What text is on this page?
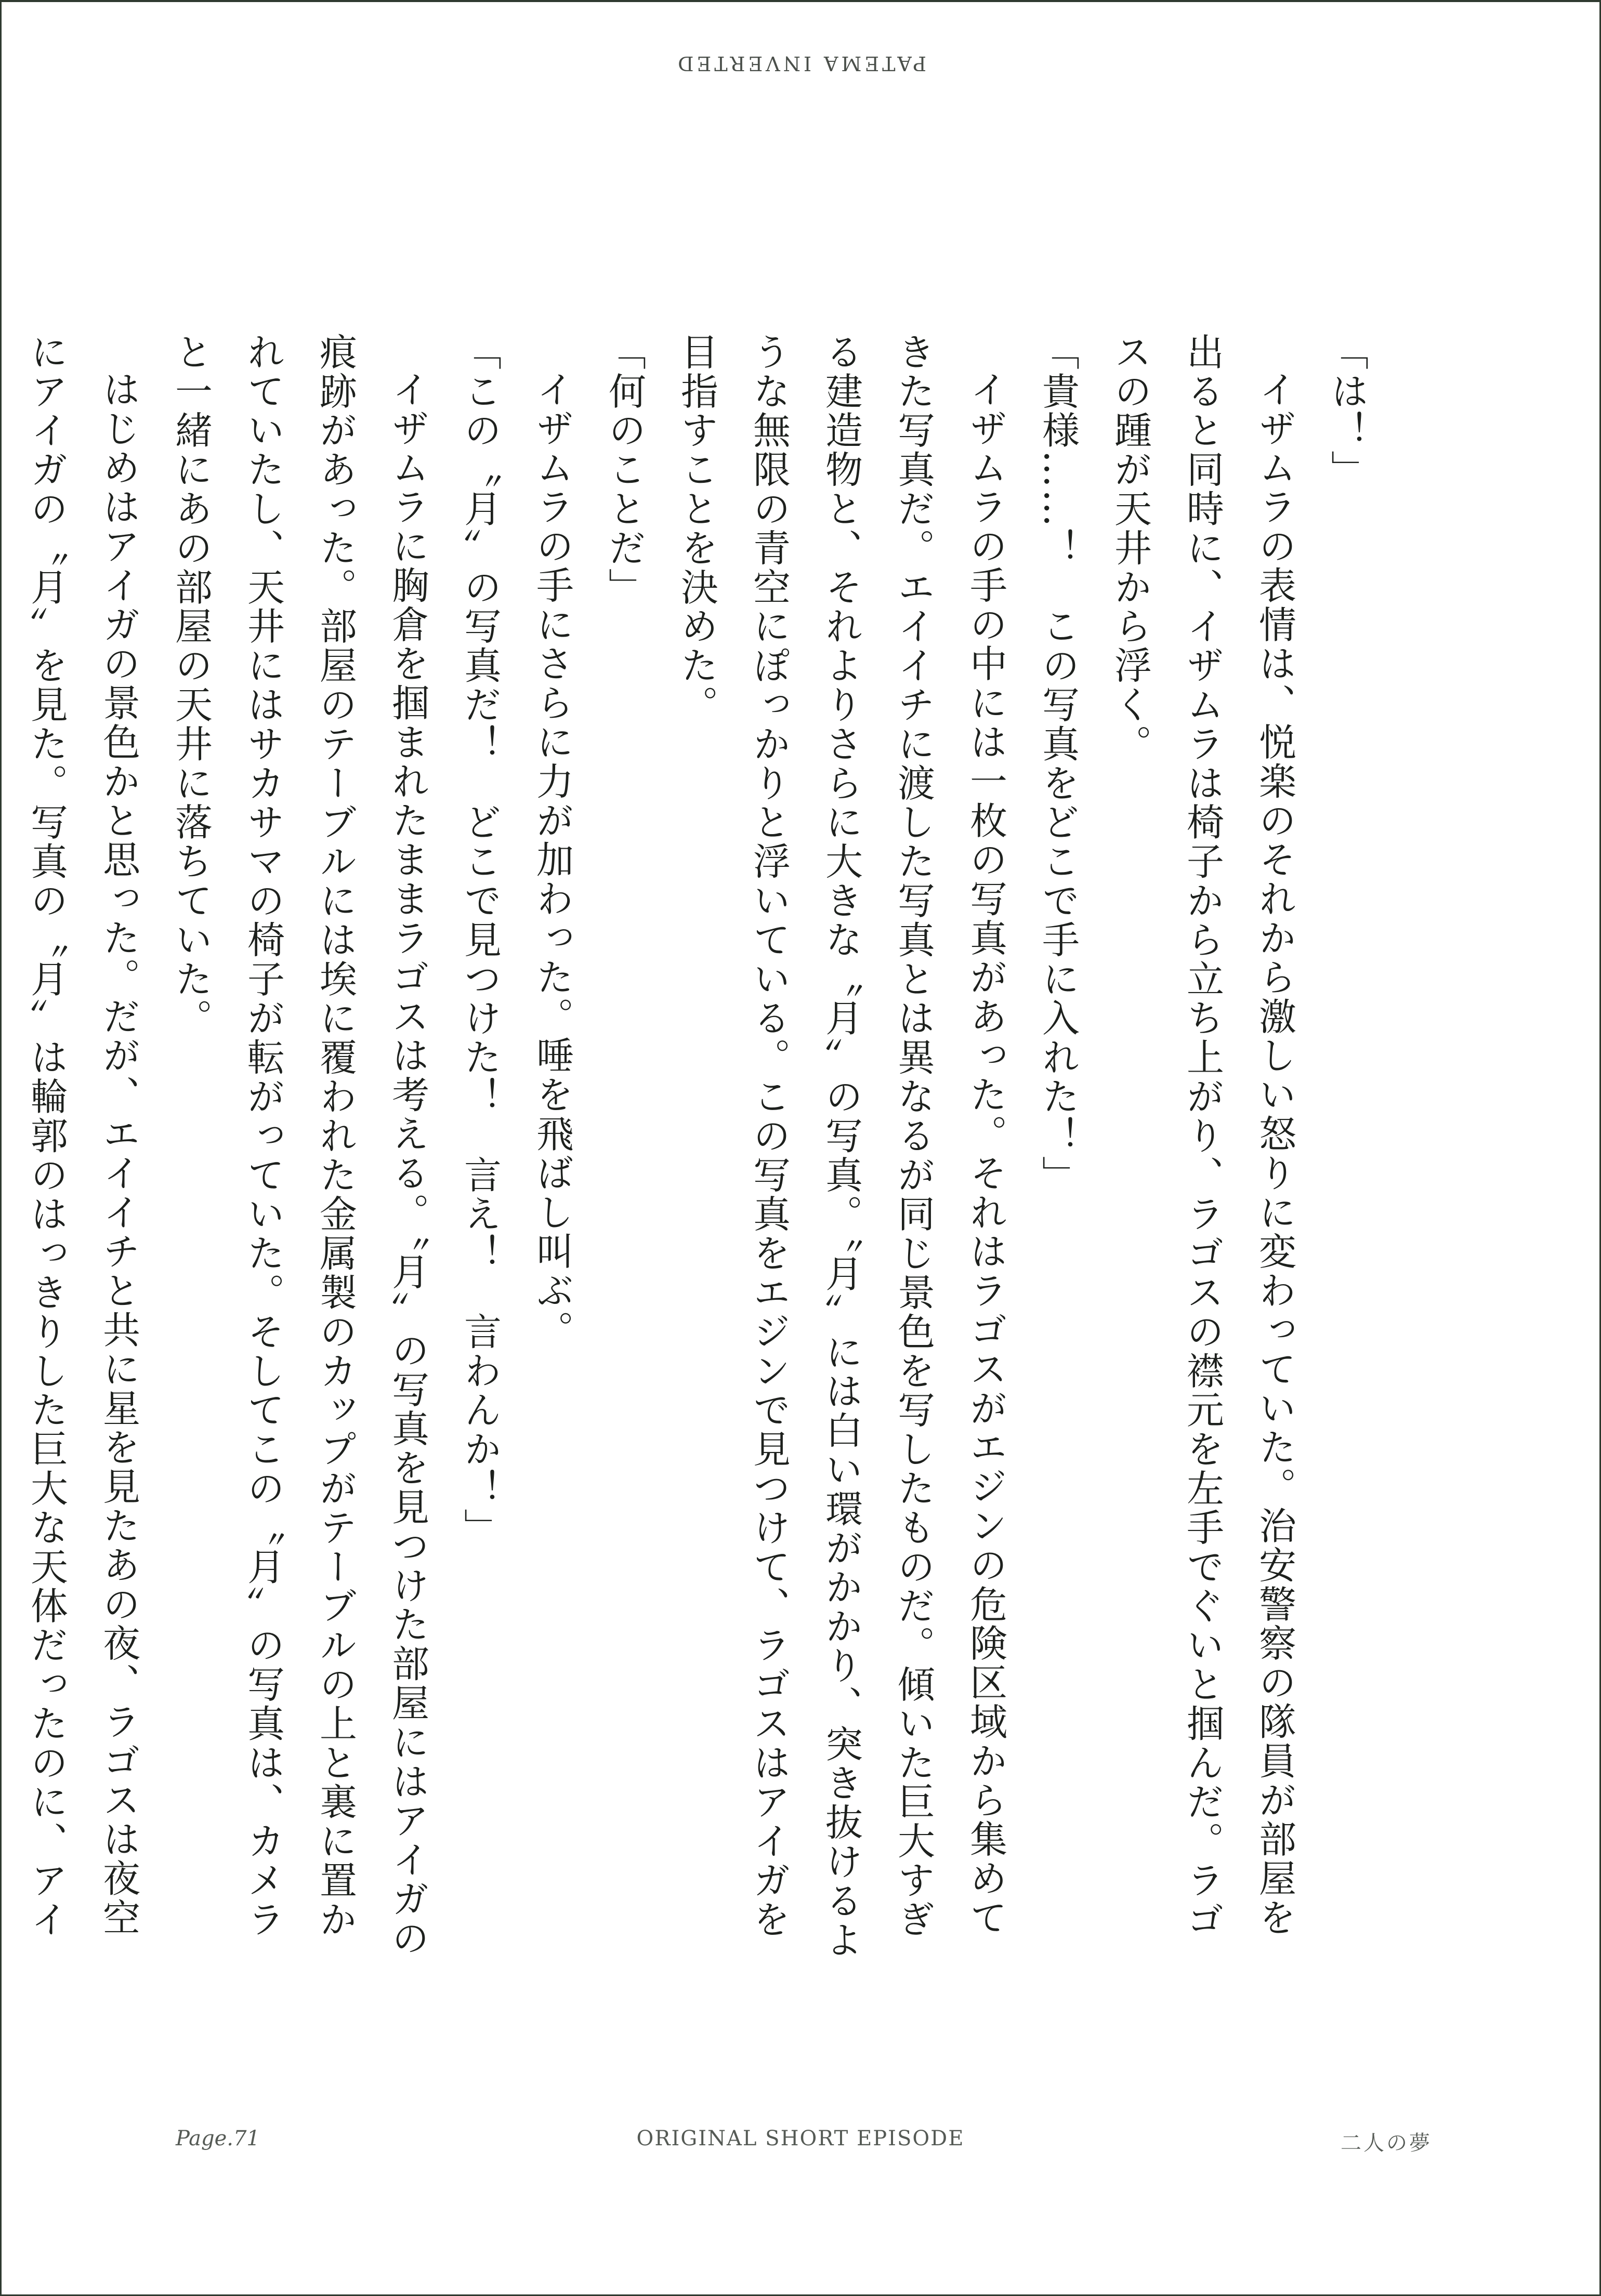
PATEMA INVERTED

「は！」

イザムラの表情は、悦楽のそれから激しい怒りに変わっていた。治安警察の隊員が部屋を出ると同時に、イザムラは椅子から立ち上がり、ラゴスの襟元を左手でぐいと掴んだ。ラゴスの踵が天井から浮く。

「貴様……！　この写真をどこで手に入れた！」

イザムラの手の中には一枚の写真があった。それはラゴスがエジンの危険区域から集めてきた写真だ。エイイチに渡した写真とは異なるが同じ景色を写したものだ。傾いた巨大すぎる建造物と、それよりさらに大きな〝月〟の写真。〝月〟には白い環がかかり、突き抜けるような無限の青空にぽっかりと浮いている。この写真をエジンで見つけて、ラゴスはアイガを目指すことを決めた。

「何のことだ」

イザムラの手にさらに力が加わった。唾を飛ばし叫ぶ。

「この〝月〟の写真だ！　どこで見つけた！　言え！　言わんか！」

イザムラに胸倉を掴まれたままラゴスは考える。〝月〟の写真を見つけた部屋にはアイガの痕跡があった。部屋のテーブルには埃に覆われた金属製のカップがテーブルの上と裏に置かれていたし、天井にはサカサマの椅子が転がっていた。そしてこの〝月〟の写真は、カメラと一緒にあの部屋の天井に落ちていた。

はじめはアイガの景色かと思った。だが、エイイチと共に星を見たあの夜、ラゴスは夜空にアイガの〝月〟を見た。写真の〝月〟は輪郭のはっきりした巨大な天体だったのに、アイ

Page.71	ORIGINAL SHORT EPISODE	二人の夢
